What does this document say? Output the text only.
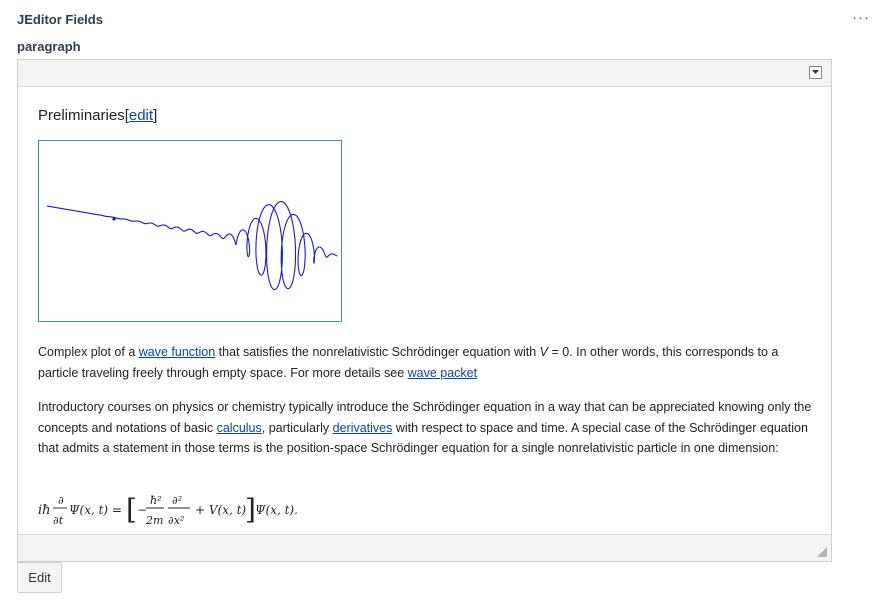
JEditor Fields	···
paragraph
Preliminaries[edit]

Complex plot of a wave function that satisfies the nonrelativistic Schrödinger equation with V = 0. In other words, this corresponds to a particle traveling freely through empty space. For more details see wave packet

Introductory courses on physics or chemistry typically introduce the Schrödinger equation in a way that can be appreciated knowing only the concepts and notations of basic calculus, particularly derivatives with respect to space and time. A special case of the Schrödinger equation that admits a statement in those terms is the position-space Schrödinger equation for a single nonrelativistic particle in one dimension:

iħ
∂
∂t
Ψ(x, t) = [ −
ħ²
2m
∂²
∂x²
+ V(x, t)
] Ψ(x, t).
Edit
